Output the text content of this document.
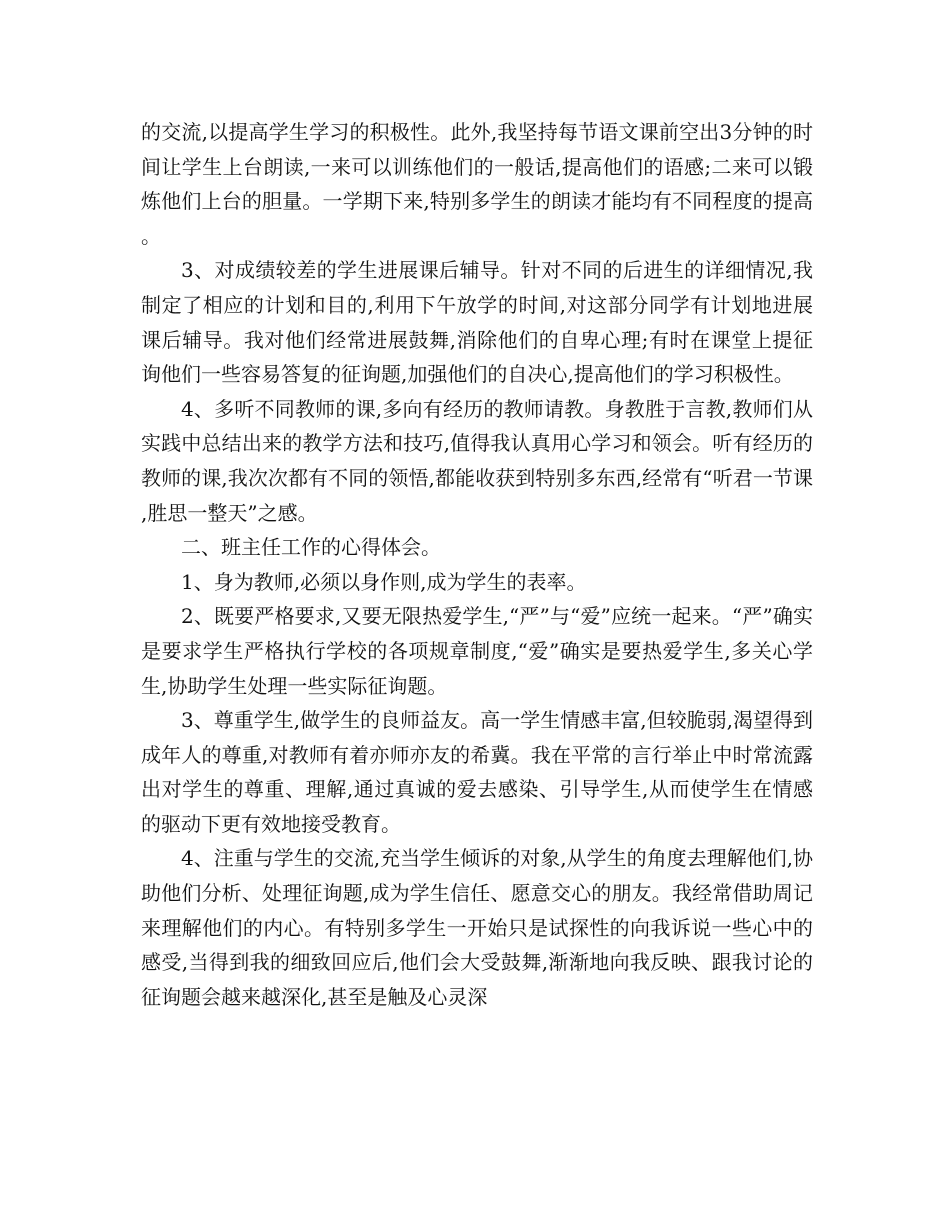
的交流,以提高学生学习的积极性。此外,我坚持每节语文课前空出3分钟的时间让学生上台朗读,一来可以训练他们的一般话,提高他们的语感;二来可以锻炼他们上台的胆量。一学期下来,特别多学生的朗读才能均有不同程度的提高。

3、对成绩较差的学生进展课后辅导。针对不同的后进生的详细情况,我制定了相应的计划和目的,利用下午放学的时间,对这部分同学有计划地进展课后辅导。我对他们经常进展鼓舞,消除他们的自卑心理;有时在课堂上提征询他们一些容易答复的征询题,加强他们的自决心,提高他们的学习积极性。

4、多听不同教师的课,多向有经历的教师请教。身教胜于言教,教师们从实践中总结出来的教学方法和技巧,值得我认真用心学习和领会。听有经历的教师的课,我次次都有不同的领悟,都能收获到特别多东西,经常有“听君一节课,胜思一整天”之感。

二、班主任工作的心得体会。

1、身为教师,必须以身作则,成为学生的表率。

2、既要严格要求,又要无限热爱学生,“严”与“爱”应统一起来。“严”确实是要求学生严格执行学校的各项规章制度,“爱”确实是要热爱学生,多关心学生,协助学生处理一些实际征询题。

3、尊重学生,做学生的良师益友。高一学生情感丰富,但较脆弱,渴望得到成年人的尊重,对教师有着亦师亦友的希冀。我在平常的言行举止中时常流露出对学生的尊重、理解,通过真诚的爱去感染、引导学生,从而使学生在情感的驱动下更有效地接受教育。

4、注重与学生的交流,充当学生倾诉的对象,从学生的角度去理解他们,协助他们分析、处理征询题,成为学生信任、愿意交心的朋友。我经常借助周记来理解他们的内心。有特别多学生一开始只是试探性的向我诉说一些心中的感受,当得到我的细致回应后,他们会大受鼓舞,渐渐地向我反映、跟我讨论的征询题会越来越深化,甚至是触及心灵深
